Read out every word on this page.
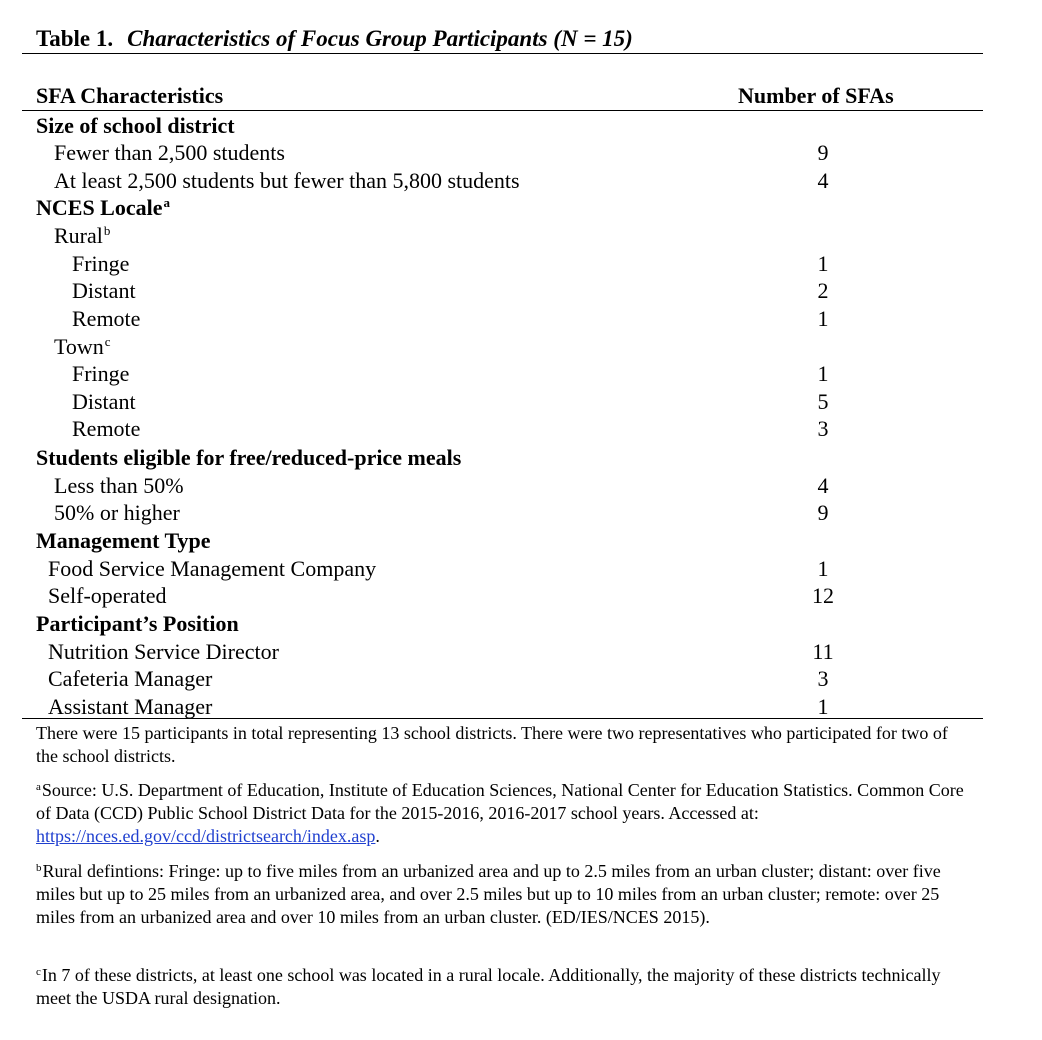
Table 1. Characteristics of Focus Group Participants (N = 15)
SFA Characteristics	Number of SFAs
Size of school district
Fewer than 2,500 students	9
At least 2,500 students but fewer than 5,800 students	4
NCES Locale$^a$
Rural$^b$
Fringe	1
Distant	2
Remote	1
Town$^c$
Fringe	1
Distant	5
Remote	3
Students eligible for free/reduced-price meals
Less than 50%	4
50% or higher	9
Management Type
Food Service Management Company	1
Self-operated	12
Participant’s Position
Nutrition Service Director	11
Cafeteria Manager	3
Assistant Manager	1
There were 15 participants in total representing 13 school districts. There were two representatives who participated for two of the school districts.
$^a$Source: U.S. Department of Education, Institute of Education Sciences, National Center for Education Statistics. Common Core of Data (CCD) Public School District Data for the 2015-2016, 2016-2017 school years. Accessed at: https://nces.ed.gov/ccd/districtsearch/index.asp.
$^b$Rural defintions: Fringe: up to five miles from an urbanized area and up to 2.5 miles from an urban cluster; distant: over five miles but up to 25 miles from an urbanized area, and over 2.5 miles but up to 10 miles from an urban cluster; remote: over 25 miles from an urbanized area and over 10 miles from an urban cluster. (ED/IES/NCES 2015).
$^c$In 7 of these districts, at least one school was located in a rural locale. Additionally, the majority of these districts technically meet the USDA rural designation.
